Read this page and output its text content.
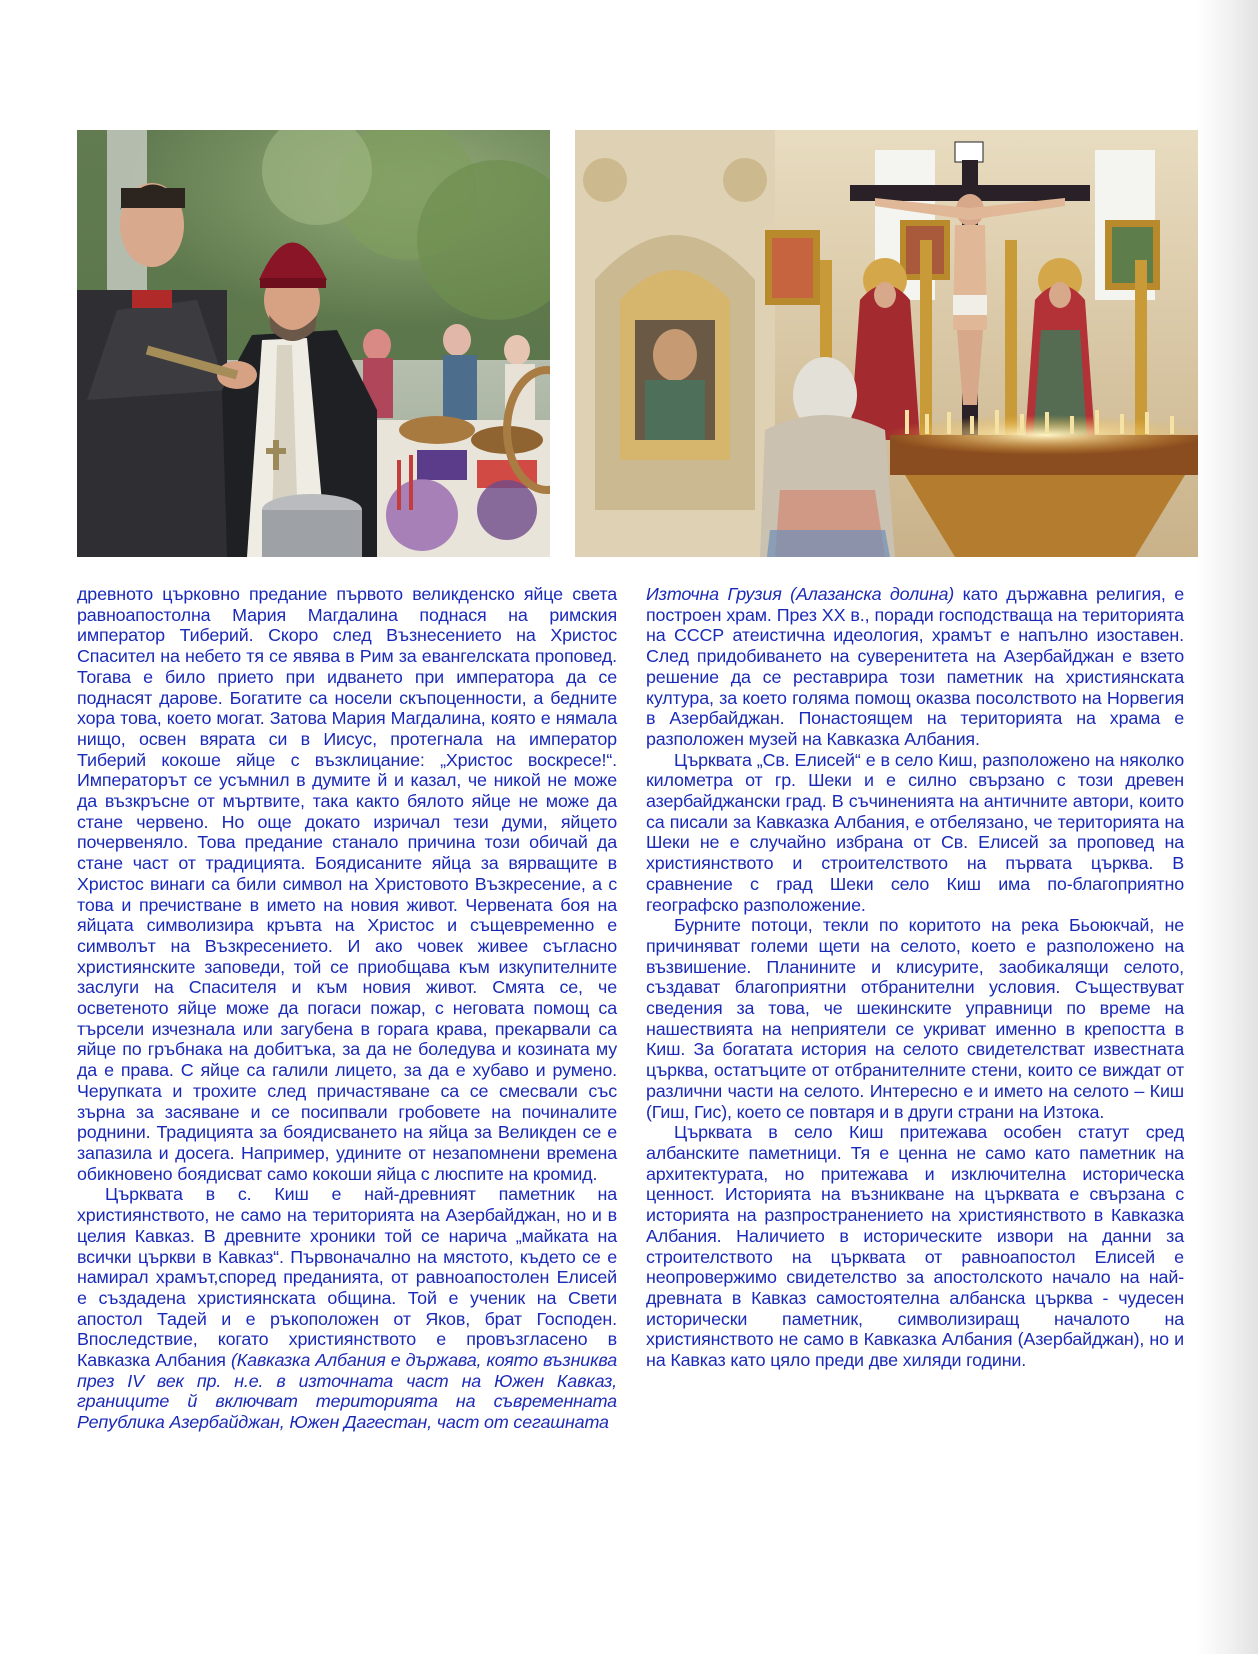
древното църковно предание първото великденско яйце света равноапостолна Мария Магдалина поднася на римския император Тиберий. Скоро след Възнесението на Христос Спасител на небето тя се явява в Рим за евангелската проповед. Тогава е било прието при идването при императора да се поднасят дарове. Богатите са носели скъпоценности, а бедните хора това, което могат. Затова Мария Магдалина, която е нямала нищо, освен вярата си в Иисус, протегнала на император Тиберий кокоше яйце с възклицание: „Христос воскресе!“. Императорът се усъмнил в думите й и казал, че никой не може да възкръсне от мъртвите, така както бялото яйце не може да стане червено. Но още докато изричал тези думи, яйцето почервеняло. Това предание станало причина този обичай да стане част от традицията. Боядисаните яйца за вярващите в Христос винаги са били символ на Христовото Възкресение, а с това и пречистване в името на новия живот. Червената боя на яйцата символизира кръвта на Христос и същевременно е символът на Възкресението. И ако човек живее съгласно християнските заповеди, той се приобщава към изкупителните заслуги на Спасителя и към новия живот. Смята се, че осветеното яйце може да погаси пожар, с неговата помощ са търсели изчезнала или загубена в горага крава, прекарвали са яйце по гръбнака на добитъка, за да не боледува и козината му да е права. С яйце са галили лицето, за да е хубаво и румено. Черупката и трохите след причастяване са се смесвали със зърна за засяване и се посипвали гробовете на починалите роднини. Традицията за боядисването на яйца за Великден се е запазила и досега. Например, удините от незапомнени времена обикновено боядисват само кокоши яйца с люспите на кромид.

Църквата в с. Киш е най-древният паметник на християнството, не само на територията на Азербайджан, но и в целия Кавказ. В древните хроники той се нарича „майката на всички църкви в Кавказ“. Първоначално на мястото, където се е намирал храмът,според преданията, от равноапостолен Елисей е създадена християнската община. Той е ученик на Свети апостол Тадей и е ръкоположен от Яков, брат Господен. Впоследствие, когато християнството е провъзгласено в Кавказка Албания (Кавказка Албания е държава, която възниква през IV век пр. н.е. в източната част на Южен Кавказ, границите й включват територията на съвременната Република Азербайджан, Южен Дагестан, част от сегашната

Източна Грузия (Алазанска долина) като държавна религия, е построен храм. През XX в., поради господстваща на територията на СССР атеистична идеология, храмът е напълно изоставен. След придобиването на суверенитета на Азербайджан е взето решение да се реставрира този паметник на християнската култура, за което голяма помощ оказва посолството на Норвегия в Азербайджан. Понастоящем на територията на храма е разположен музей на Кавказка Албания.

Църквата „Св. Елисей“ е в село Киш, разположено на няколко километра от гр. Шеки и е силно свързано с този древен азербайджански град. В съчиненията на античните автори, които са писали за Кавказка Албания, е отбелязано, че територията на Шеки не е случайно избрана от Св. Елисей за проповед на християнството и строителството на първата църква. В сравнение с град Шеки село Киш има по-благоприятно географско разположение.

Бурните потоци, текли по коритото на река Бьоюкчай, не причиняват големи щети на селото, което е разположено на възвишение. Планините и клисурите, заобикалящи селото, създават благоприятни отбранителни условия. Съществуват сведения за това, че шекинските управници по време на нашествията на неприятели се укриват именно в крепостта в Киш. За богатата история на селото свидетелстват известната църква, остатъците от отбранителните стени, които се виждат от различни части на селото. Интересно е и името на селото – Киш (Гиш, Гис), което се повтаря и в други страни на Изтока.

Църквата в село Киш притежава особен статут сред албанските паметници. Тя е ценна не само като паметник на архитектурата, но притежава и изключителна историческа ценност. Историята на възникване на църквата е свързана с историята на разпространението на християнството в Кавказка Албания. Наличието в историческите извори на данни за строителството на църквата от равноапостол Елисей е неопровержимо свидетелство за апостолското начало на най-древната в Кавказ самостоятелна албанска църква - чудесен исторически паметник, символизиращ началото на християнството не само в Кавказка Албания (Азербайджан), но и на Кавказ като цяло преди две хиляди години.
